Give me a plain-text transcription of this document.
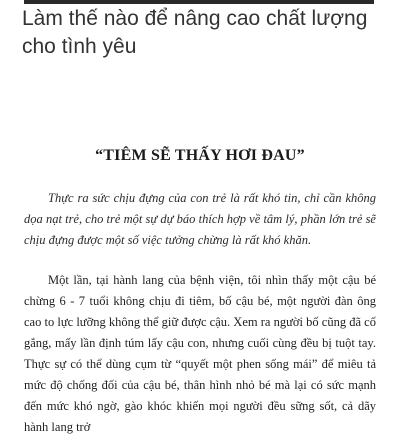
Làm thế nào để nâng cao chất lượng cho tình yêu
“TIÊM SẼ THẤY HƠI ĐAU”

Thực ra sức chịu đựng của con trẻ là rất khó tin, chỉ cần không dọa nạt trẻ, cho trẻ một sự dự báo thích hợp về tâm lý, phần lớn trẻ sẽ chịu đựng được một số việc tưởng chừng là rất khó khăn.

Một lần, tại hành lang của bệnh viện, tôi nhìn thấy một cậu bé chừng 6 - 7 tuổi không chịu đi tiêm, bố cậu bé, một người đàn ông cao to lực lưỡng không thể giữ được cậu. Xem ra người bố cũng đã cố gắng, mấy lần định túm lấy cậu con, nhưng cuối cùng đều bị tuột tay. Thực sự có thể dùng cụm từ “quyết một phen sống mái” để miêu tả mức độ chống đối của cậu bé, thân hình nhỏ bé mà lại có sức mạnh đến mức khó ngờ, gào khóc khiến mọi người đều sững sốt, cả dãy hành lang trở
